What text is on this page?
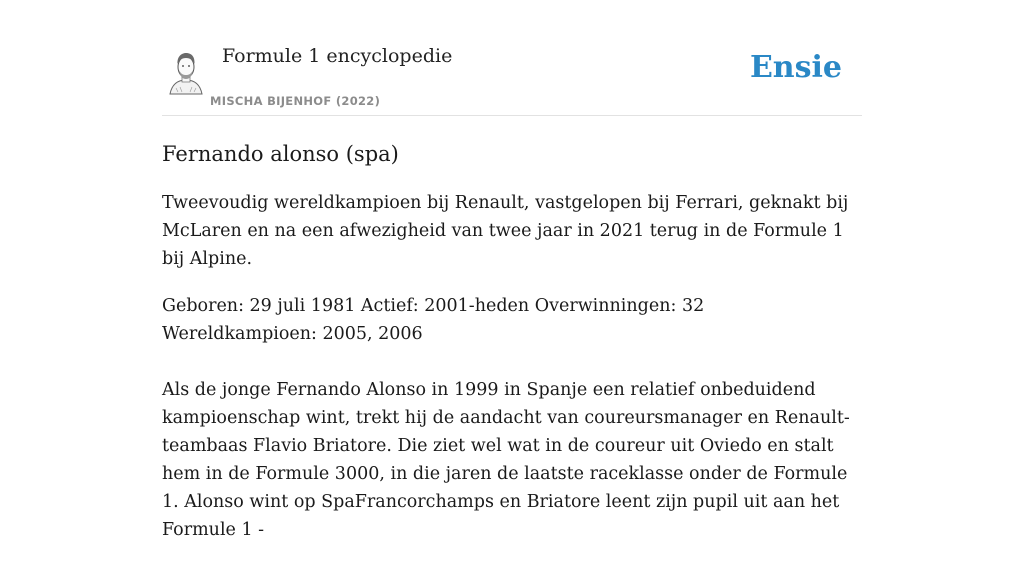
Formule 1 encyclopedie
MISCHA BIJENHOF (2022)
Ensie
Fernando alonso (spa)

Tweevoudig wereldkampioen bij Renault, vastgelopen bij Ferrari, geknakt bij McLaren en na een afwezigheid van twee jaar in 2021 terug in de Formule 1 bij Alpine.

Geboren: 29 juli 1981 Actief: 2001-heden Overwinningen: 32 Wereldkampioen: 2005, 2006

Als de jonge Fernando Alonso in 1999 in Spanje een relatief onbeduidend kampioenschap wint, trekt hij de aandacht van coureursmanager en Renault-teambaas Flavio Briatore. Die ziet wel wat in de coureur uit Oviedo en stalt hem in de Formule 3000, in die jaren de laatste raceklasse onder de Formule 1. Alonso wint op SpaFrancorchamps en Briatore leent zijn pupil uit aan het Formule 1 -
